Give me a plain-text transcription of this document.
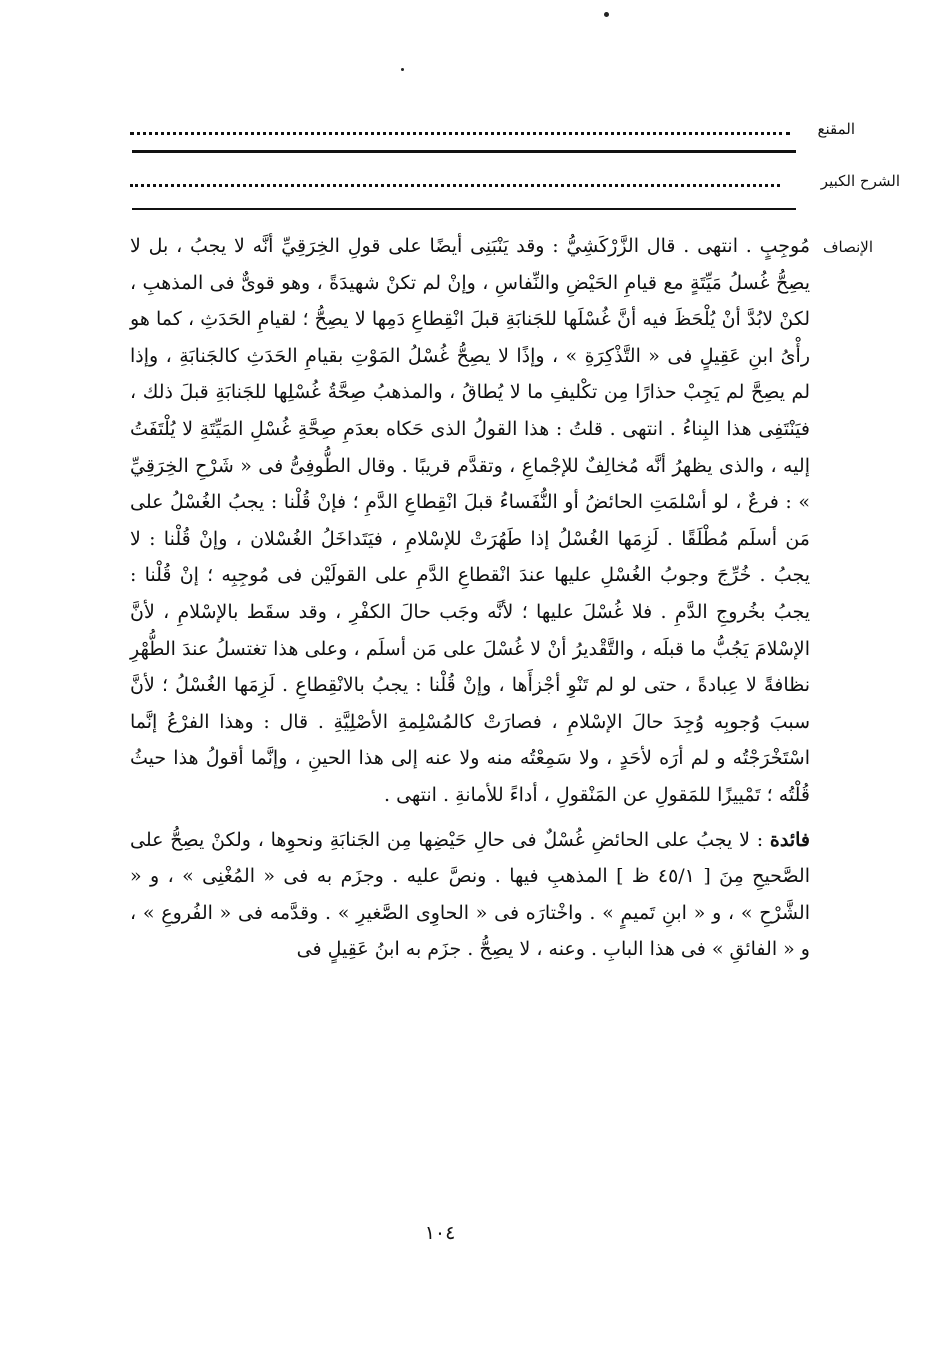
المقنع
الشرح الكبير
الإنصاف

مُوجِبٍ . انتهى . قال الزَّرْكَشِيُّ : وقد يَنْبَنِى أيضًا على قولِ الخِرَقِيِّ أنَّه لا يجبُ ، بل لا يصِحُّ غُسلُ مَيِّتَةٍ مع قيامِ الحَيْضِ والنِّفاسِ ، وإنْ لم تكنْ شهيدَةً ، وهو قوىٌّ فى المذهبِ ، لكنْ لابُدَّ أنْ يُلْحَظَ فيه أنَّ غُسْلَها للجَنابَةِ قبلَ انْقِطاعِ دَمِها لا يصِحُّ ؛ لقيامِ الحَدَثِ ، كما هو رأْىُ ابنِ عَقِيلٍ فى « التَّذْكِرَةِ » ، وإذًا لا يصِحُّ غُسْلُ المَوْتِ بقيامِ الحَدَثِ كالجَنابَةِ ، وإذا لم يصِحَّ لم يَجِبْ حذارًا مِن تكْليفِ ما لا يُطاقُ ، والمذهبُ صِحَّةُ غُسْلِها للجَنابَةِ قبلَ ذلك ، فيَنْتَفِى هذا البِناءُ . انتهى . قلتُ : هذا القولُ الذى حَكاه بعدَمِ صِحَّةِ غُسْلِ المَيِّتَةِ لا يُلْتَفَتُ إليه ، والذى يظهرُ أنَّه مُخالِفٌ للإجْماعِ ، وتقدَّم قريبًا . وقال الطُّوفِىُّ فى « شَرْحِ الخِرَقِيِّ » : فرعٌ ، لو أسْلمَتِ الحائضُ أو النُّفَساءُ قبلَ انْقِطاعِ الدَّمِ ؛ فإنْ قُلْنا : يجبُ الغُسْلُ على مَن أسلَم مُطْلَقًا . لَزِمَها الغُسْلُ إذا طَهُرَتْ للإسْلامِ ، فيَتَداخَلُ الغُسْلان ، وإنْ قُلْنا : لا يجبُ . خُرِّجَ وجوبُ الغُسْلِ عليها عندَ انْقطاعِ الدَّمِ على القولَيْن فى مُوجِبِه ؛ إنْ قُلْنا : يجبُ بخُروجِ الدَّمِ . فلا غُسْلَ عليها ؛ لأنَّه وجَب حالَ الكفْرِ ، وقد سقَط بالإسْلامِ ، لأنَّ الإسْلامَ يَجُبُّ ما قبلَه ، والتَّقْديرُ أنْ لا غُسْلَ على مَن أسلَم ، وعلى هذا تغتسلُ عندَ الطُّهْرِ نظافةً لا عِبادةً ، حتى لو لم تَنْوِ أجْزأَها ، وإنْ قُلْنا : يجبُ بالانْقِطاعِ . لَزِمَها الغُسْلُ ؛ لأنَّ سببَ وُجوبِه وُجِدَ حالَ الإسْلامِ ، فصارَتْ كالمُسْلِمةِ الأصْلِيَّةِ . قال : وهذا الفرْعُ إنَّما اسْتَخْرَجْتُه و لم أرَه لأحَدٍ ، ولا سَمِعْتُه منه ولا عنه إلى هذا الحينِ ، وإنَّما أقولُ هذا حيثُ قُلْتُه ؛ تَمْييزًا للمَقولِ عن المَنْقولِ ، أداءً للأمانةِ . انتهى .

فائدة : لا يجبُ على الحائضِ غُسْلٌ فى حالِ حَيْضِها مِن الجَنابَةِ ونحوِها ، ولكنْ يصِحُّ على الصَّحيحِ مِنَ [ ٤٥/١ ظ ] المذهبِ فيها . ونصَّ عليه . وجزَم به فى « المُغْنِى » ، و « الشَّرْحِ » ، و « ابنِ تَميمٍ » . واخْتارَه فى « الحاوِى الصَّغيرِ » . وقدَّمه فى « الفُروعِ » ، و « الفائقِ » فى هذا البابِ . وعنه ، لا يصِحُّ . جزَم به ابنُ عَقِيلٍ فى

١٠٤
